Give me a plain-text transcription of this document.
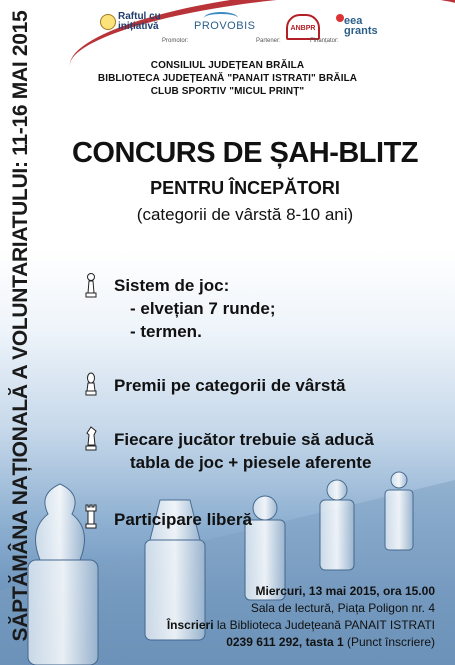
SĂPTĂMÂNA NAȚIONALĂ A VOLUNTARIATULUI: 11-16 MAI 2015	Raftul cu inițiativă
Promotor:
PROVOBIS
Partener:
ANBPR
Finanțator:
eea
grants
CONSILIUL JUDEȚEAN BRĂILA
BIBLIOTECA JUDEȚEANĂ "PANAIT ISTRATI" BRĂILA
CLUB SPORTIV "MICUL PRINȚ"
CONCURS DE ȘAH-BLITZ
PENTRU ÎNCEPĂTORI
(categorii de vârstă 8-10 ani)
Sistem de joc:
- elvețian 7 runde;
- termen.
Premii pe categorii de vârstă
Fiecare jucător trebuie să aducă
tabla de joc + piesele aferente
Participare liberă
Miercuri, 13 mai 2015, ora 15.00
Sala de lectură, Piața Poligon nr. 4
Înscrieri la Biblioteca Județeană PANAIT ISTRATI
0239 611 292, tasta 1 (Punct înscriere)
